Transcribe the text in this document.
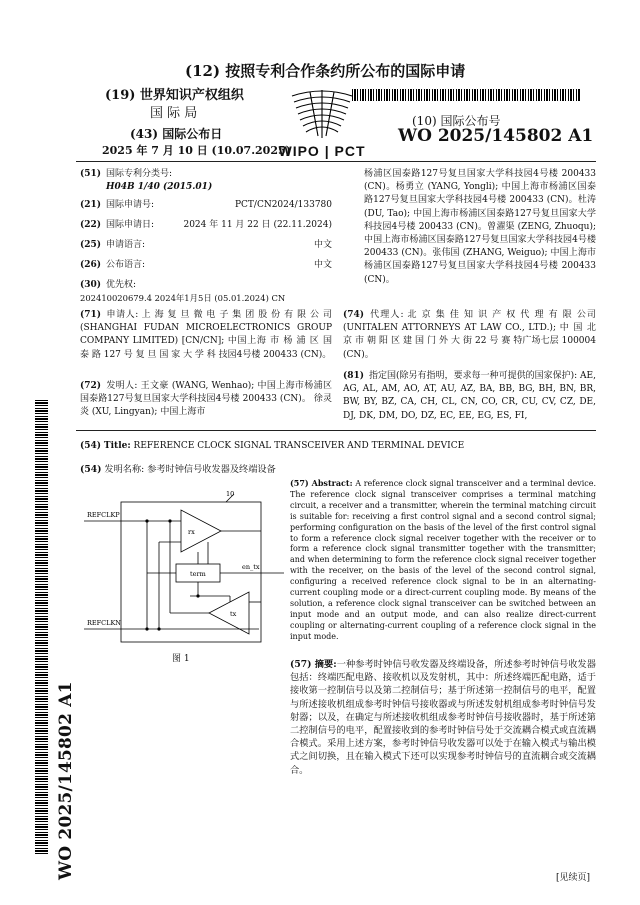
(12) 按照专利合作条约所公布的国际申请
(19) 世界知识产权组织
国 际 局
(43) 国际公布日
2025 年 7 月 10 日 (10.07.2025)
WIPO | PCT
(10) 国际公布号
WO 2025/145802 A1
WO 2025/145802 A1
(51) 国际专利分类号:
H04B 1/40 (2015.01)
(21) 国际申请号:	PCT/CN2024/133780
(22) 国际申请日:	2024 年 11 月 22 日 (22.11.2024)
(25) 申请语言:	中文
(26) 公布语言:	中文
(30) 优先权:
202410020679.4 2024年1月5日 (05.01.2024) CN
(71) 申请人: 上 海 复 旦 微 电 子 集 团 股 份 有 限 公 司 (SHANGHAI FUDAN MICROELECTRONICS GROUP COMPANY LIMITED) [CN/CN]; 中国上海 市 杨 浦 区 国 泰 路 127 号 复 旦 国 家 大 学 科 技园4号楼 200433 (CN)。
(72) 发明人: 王文豪 (WANG, Wenhao); 中国上海市杨浦区国泰路127号复旦国家大学科技园4号楼 200433 (CN)。 徐灵炎 (XU, Lingyan); 中国上海市
杨浦区国泰路127号复旦国家大学科技园4号楼 200433 (CN)。杨勇立 (YANG, Yongli); 中国上海市杨浦区国泰路127号复旦国家大学科技园4号楼 200433 (CN)。杜涛 (DU, Tao); 中国上海市杨浦区国泰路127号复旦国家大学科技园4号楼 200433 (CN)。曾濯渠 (ZENG, Zhuoqu); 中国上海市杨浦区国泰路127号复旦国家大学科技园4号楼 200433 (CN)。张伟国 (ZHANG, Weiguo); 中国上海市杨浦区国泰路127号复旦国家大学科技园4号楼 200433 (CN)。
(74) 代理人: 北 京 集 佳 知 识 产 权 代 理 有 限 公司(UNITALEN ATTORNEYS AT LAW CO., LTD.); 中 国 北 京 市 朝 阳 区 建 国 门 外 大 街 22 号 赛 特广场七层 100004 (CN)。
(81) 指定国(除另有指明，要求每一种可提供的国家保护): AE, AG, AL, AM, AO, AT, AU, AZ, BA, BB, BG, BH, BN, BR, BW, BY, BZ, CA, CH, CL, CN, CO, CR, CU, CV, CZ, DE, DJ, DK, DM, DO, DZ, EC, EE, EG, ES, FI,
(54) Title: REFERENCE CLOCK SIGNAL TRANSCEIVER AND TERMINAL DEVICE
(54) 发明名称: 参考时钟信号收发器及终端设备
10
REFCLKP
REFCLKN
rx
term
tx
en_tx
图 1
(57) Abstract: A reference clock signal transceiver and a terminal device. The reference clock signal transceiver comprises a terminal matching circuit, a receiver and a transmitter, wherein the terminal matching circuit is suitable for: receiving a first control signal and a second control signal; performing configuration on the basis of the level of the first control signal to form a reference clock signal receiver together with the receiver or to form a reference clock signal transmitter together with the transmitter; and when determining to form the reference clock signal receiver together with the receiver, on the basis of the level of the second control signal, configuring a received reference clock signal to be in an alternating-current coupling mode or a direct-current coupling mode. By means of the solution, a reference clock signal transceiver can be switched between an input mode and an output mode, and can also realize direct-current coupling or alternating-current coupling of a reference clock signal in the input mode.
(57) 摘要:一种参考时钟信号收发器及终端设备，所述参考时钟信号收发器包括：终端匹配电路、接收机以及发射机，其中：所述终端匹配电路，适于接收第一控制信号以及第二控制信号；基于所述第一控制信号的电平，配置与所述接收机组成参考时钟信号接收器或与所述发射机组成参考时钟信号发射器；以及，在确定与所述接收机组成参考时钟信号接收器时，基于所述第二控制信号的电平，配置接收到的参考时钟信号处于交流耦合模式或直流耦合模式。采用上述方案，参考时钟信号收发器可以处于在输入模式与输出模式之间切换，且在输入模式下还可以实现参考时钟信号的直流耦合或交流耦合。
[见续页]
